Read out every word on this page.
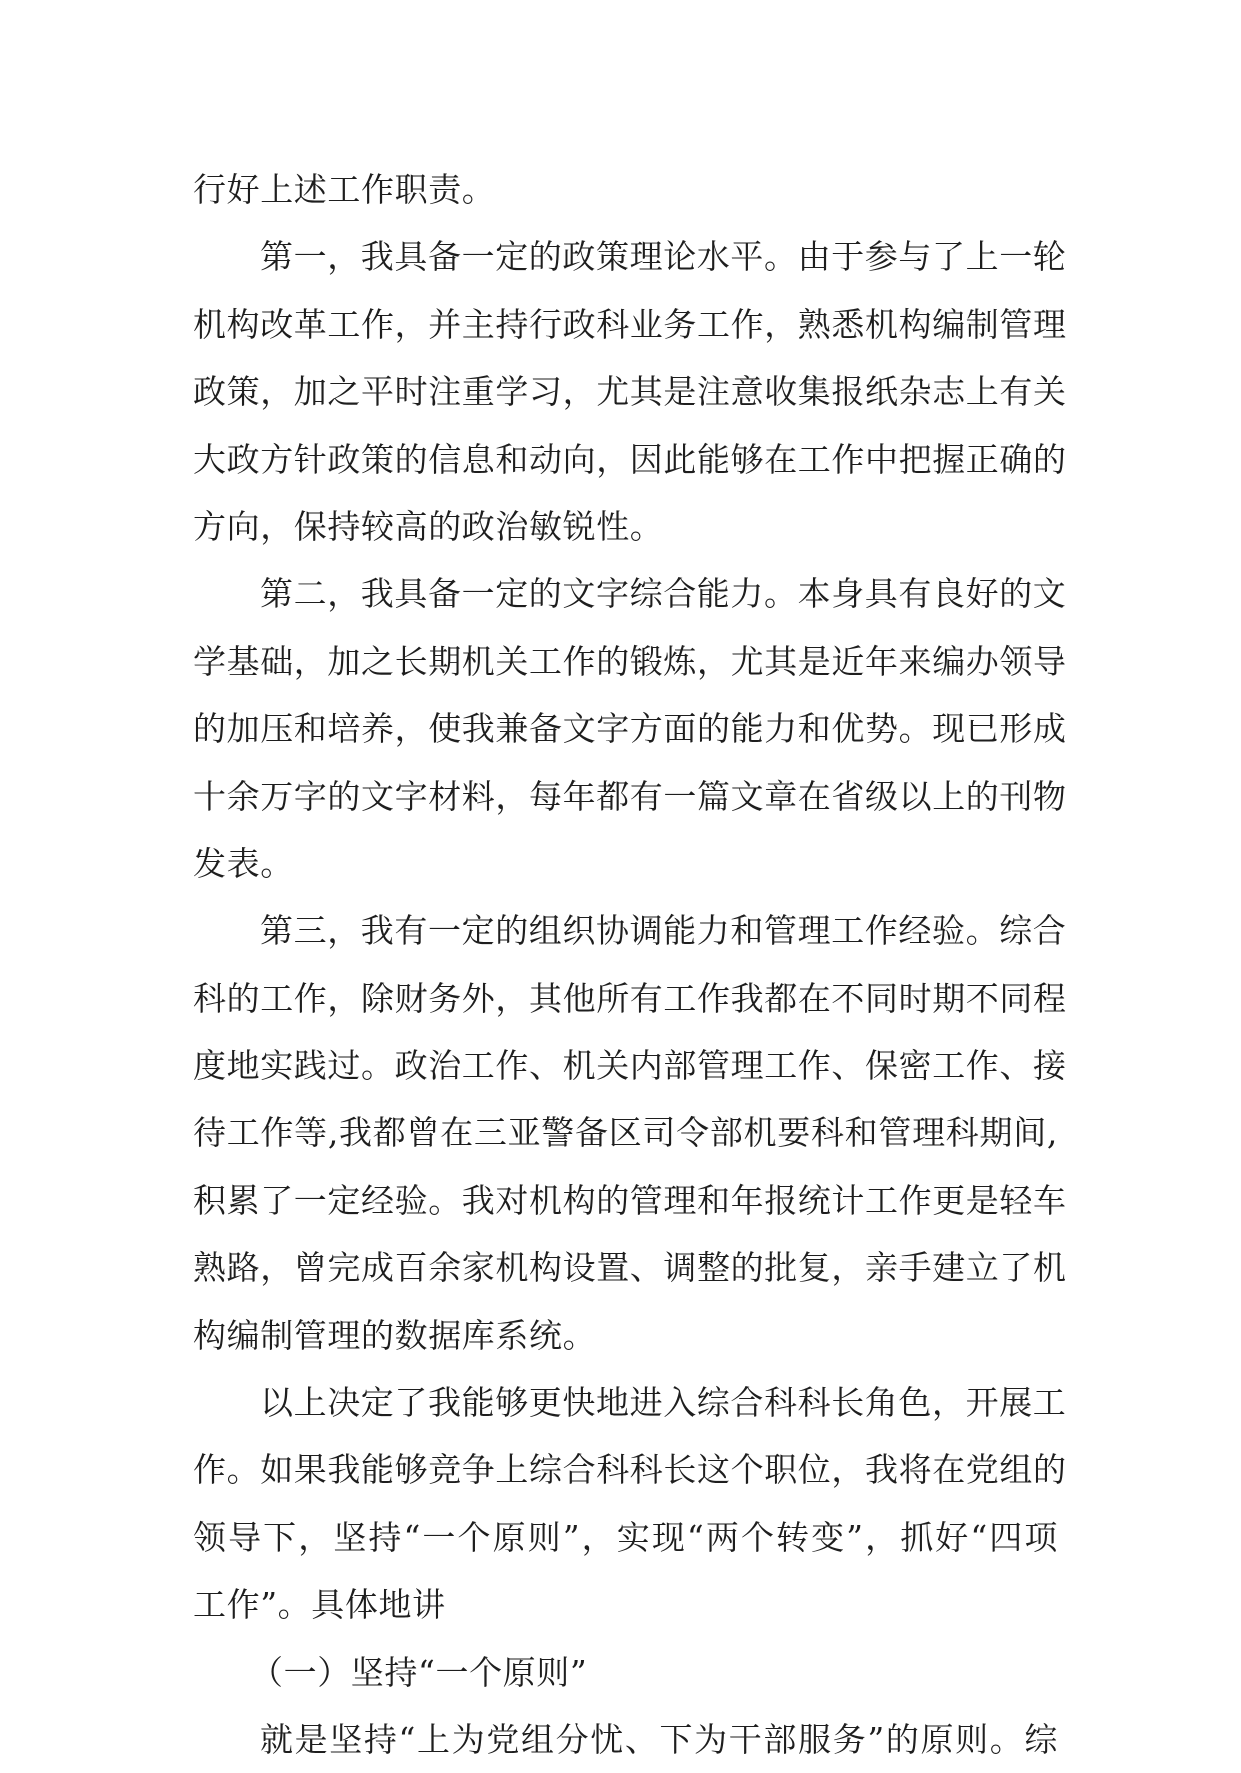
行好上述工作职责。
第一，我具备一定的政策理论水平。由于参与了上一轮
机构改革工作，并主持行政科业务工作，熟悉机构编制管理
政策，加之平时注重学习，尤其是注意收集报纸杂志上有关
大政方针政策的信息和动向，因此能够在工作中把握正确的
方向，保持较高的政治敏锐性。
第二，我具备一定的文字综合能力。本身具有良好的文
学基础，加之长期机关工作的锻炼，尤其是近年来编办领导
的加压和培养，使我兼备文字方面的能力和优势。现已形成
十余万字的文字材料，每年都有一篇文章在省级以上的刊物
发表。
第三，我有一定的组织协调能力和管理工作经验。综合
科的工作，除财务外，其他所有工作我都在不同时期不同程
度地实践过。政治工作、机关内部管理工作、保密工作、接
待工作等,我都曾在三亚警备区司令部机要科和管理科期间,
积累了一定经验。我对机构的管理和年报统计工作更是轻车
熟路，曾完成百余家机构设置、调整的批复，亲手建立了机
构编制管理的数据库系统。
以上决定了我能够更快地进入综合科科长角色，开展工
作。如果我能够竞争上综合科科长这个职位，我将在党组的
领导下，坚持“一个原则”，实现“两个转变”，抓好“四项
工作”。具体地讲
（一）坚持“一个原则”
就是坚持“上为党组分忧、下为干部服务”的原则。综
